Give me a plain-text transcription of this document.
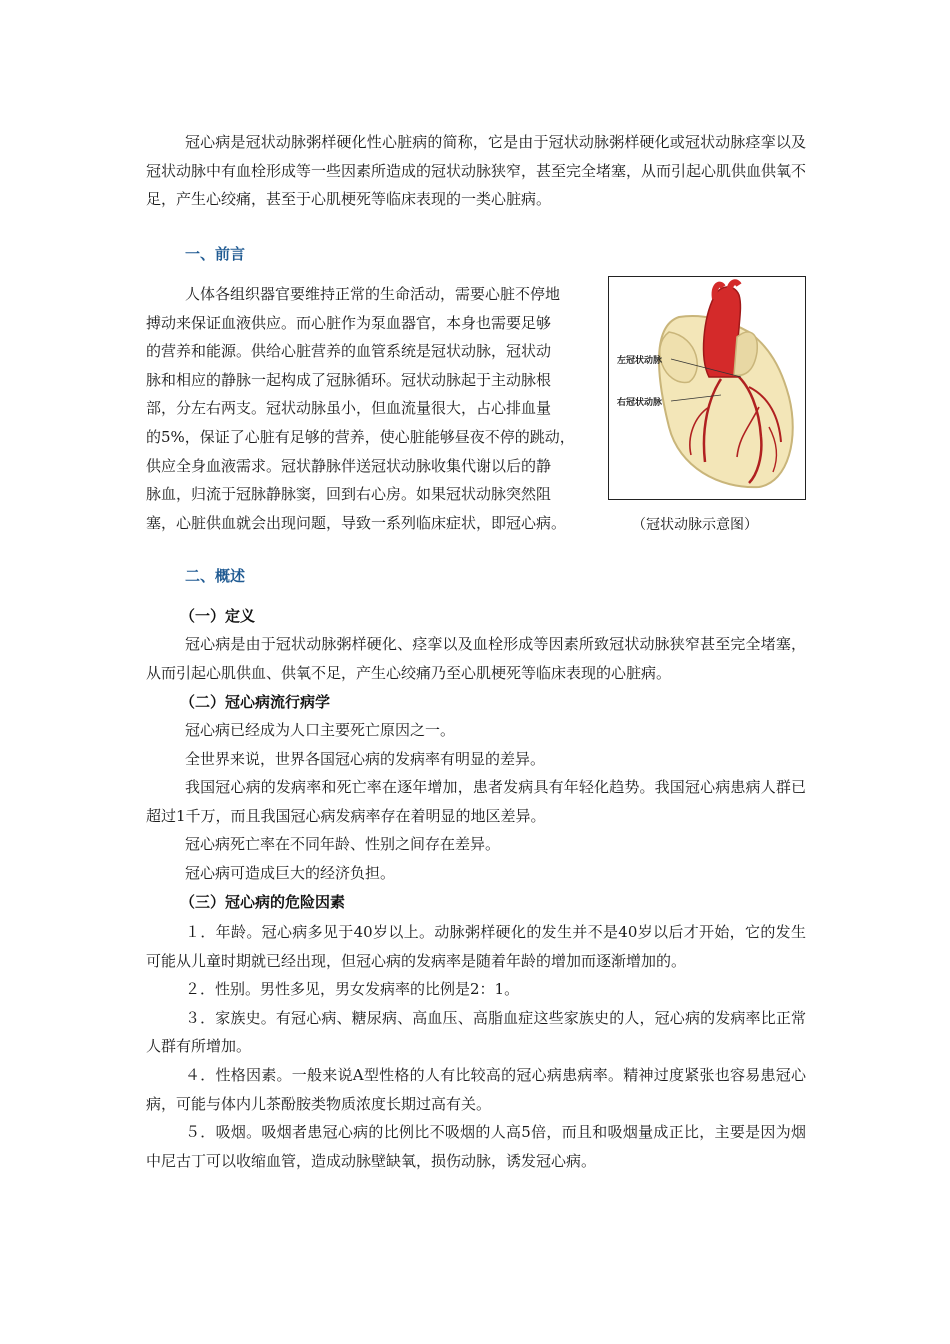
冠心病是冠状动脉粥样硬化性心脏病的简称，它是由于冠状动脉粥样硬化或冠状动脉痉挛以及冠状动脉中有血栓形成等一些因素所造成的冠状动脉狭窄，甚至完全堵塞，从而引起心肌供血供氧不足，产生心绞痛，甚至于心肌梗死等临床表现的一类心脏病。

一、前言

人体各组织器官要维持正常的生命活动，需要心脏不停地

搏动来保证血液供应。而心脏作为泵血器官，本身也需要足够

的营养和能源。供给心脏营养的血管系统是冠状动脉，冠状动

脉和相应的静脉一起构成了冠脉循环。冠状动脉起于主动脉根

部，分左右两支。冠状动脉虽小，但血流量很大，占心排血量

的5%，保证了心脏有足够的营养，使心脏能够昼夜不停的跳动，

供应全身血液需求。冠状静脉伴送冠状动脉收集代谢以后的静

脉血，归流于冠脉静脉窦，回到右心房。如果冠状动脉突然阻

塞，心脏供血就会出现问题，导致一系列临床症状，即冠心病。

左冠状动脉
右冠状动脉
（冠状动脉示意图）
二、概述
（一）定义

冠心病是由于冠状动脉粥样硬化、痉挛以及血栓形成等因素所致冠状动脉狭窄甚至完全堵塞，从而引起心肌供血、供氧不足，产生心绞痛乃至心肌梗死等临床表现的心脏病。

（二）冠心病流行病学

冠心病已经成为人口主要死亡原因之一。

全世界来说，世界各国冠心病的发病率有明显的差异。

我国冠心病的发病率和死亡率在逐年增加，患者发病具有年轻化趋势。我国冠心病患病人群已超过1千万，而且我国冠心病发病率存在着明显的地区差异。

冠心病死亡率在不同年龄、性别之间存在差异。

冠心病可造成巨大的经济负担。

（三）冠心病的危险因素

１．年龄。冠心病多见于40岁以上。动脉粥样硬化的发生并不是40岁以后才开始，它的发生可能从儿童时期就已经出现，但冠心病的发病率是随着年龄的增加而逐渐增加的。

２．性别。男性多见，男女发病率的比例是2：1。

３．家族史。有冠心病、糖尿病、高血压、高脂血症这些家族史的人，冠心病的发病率比正常人群有所增加。

４．性格因素。一般来说A型性格的人有比较高的冠心病患病率。精神过度紧张也容易患冠心病，可能与体内儿茶酚胺类物质浓度长期过高有关。

５．吸烟。吸烟者患冠心病的比例比不吸烟的人高5倍，而且和吸烟量成正比，主要是因为烟中尼古丁可以收缩血管，造成动脉壁缺氧，损伤动脉，诱发冠心病。
